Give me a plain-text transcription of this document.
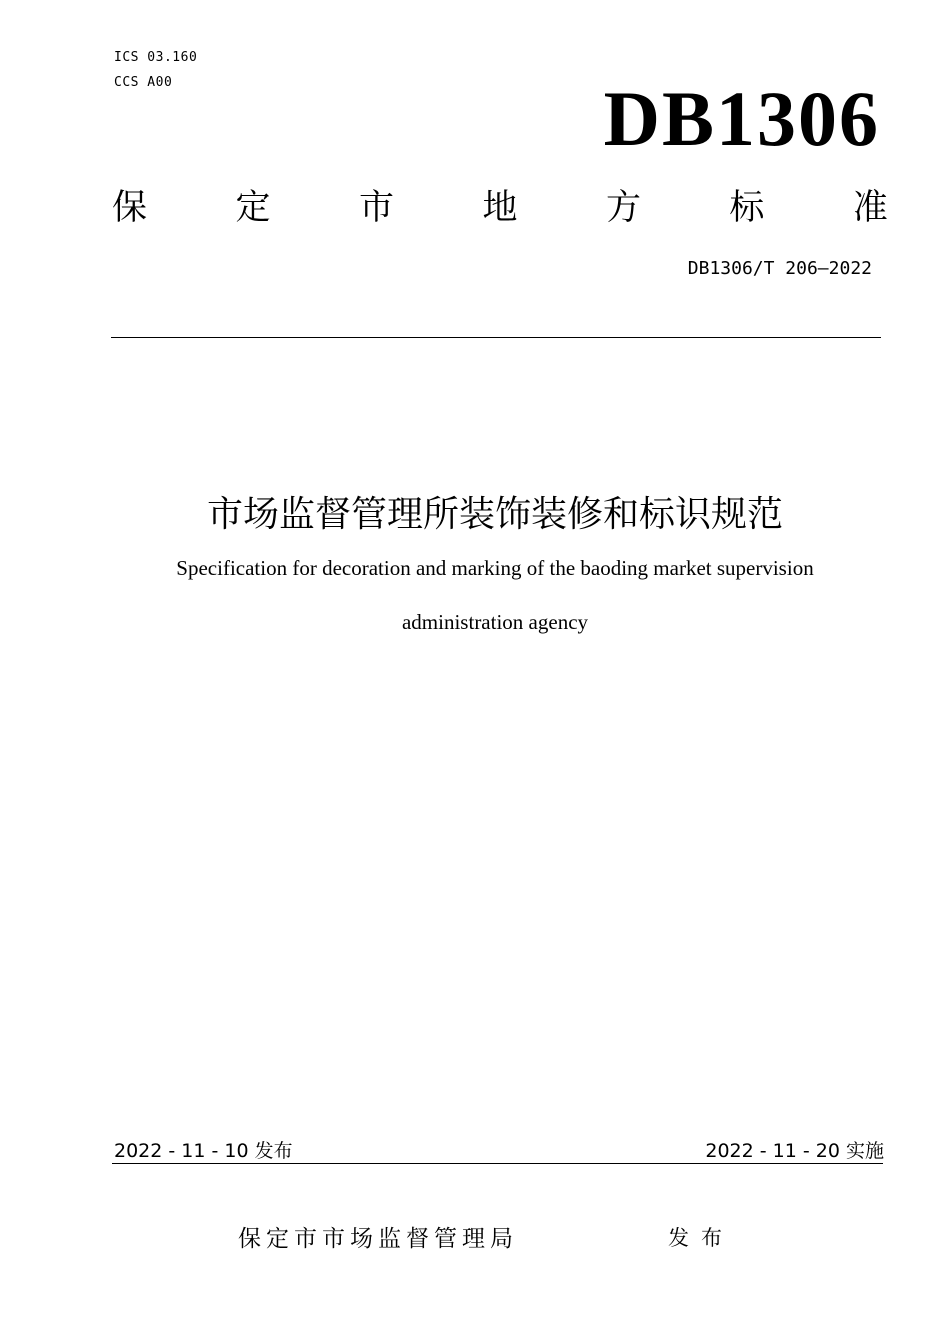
ICS 03.160
CCS A00	DB1306
保	定	市	地	方	标	准
DB1306/T 206—2022
市场监督管理所装饰装修和标识规范
Specification for decoration and marking of the baoding market supervision
administration agency
2022 - 11 - 10 发布	2022 - 11 - 20 实施
保定市市场监督管理局	发布
